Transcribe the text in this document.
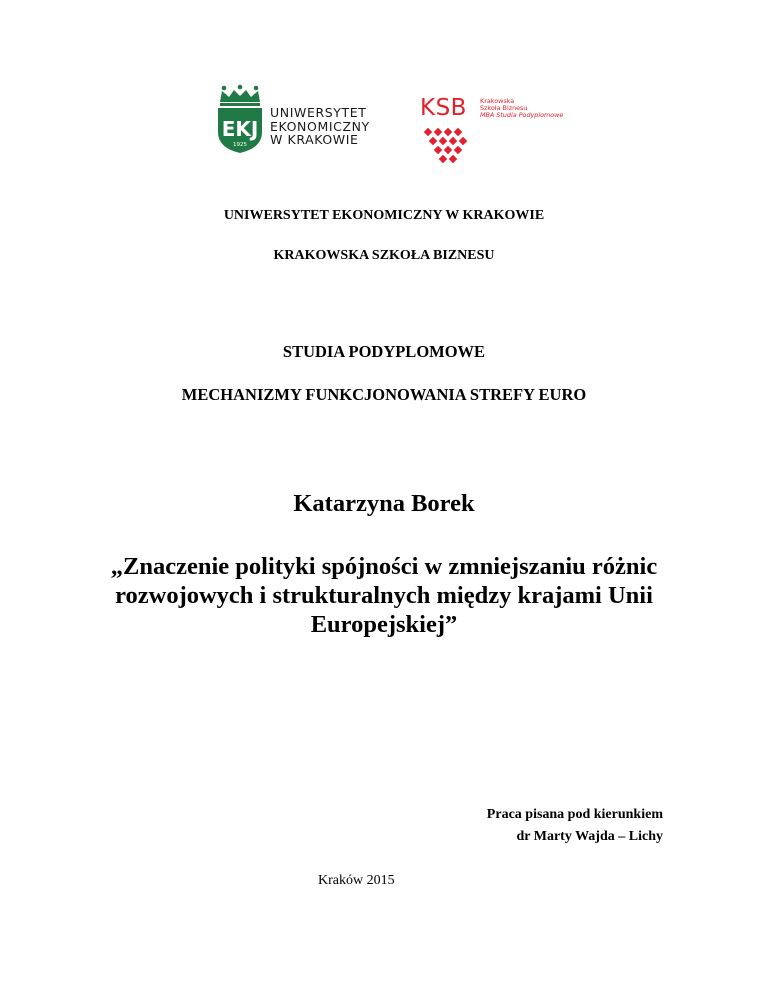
EKJ
1925
UNIWERSYTET
EKONOMICZNY
W KRAKOWIE
KSB Krakowska
Szkoła Biznesu
MBA Studia Podyplomowe
UNIWERSYTET EKONOMICZNY W KRAKOWIE
KRAKOWSKA SZKOŁA BIZNESU
STUDIA PODYPLOMOWE
MECHANIZMY FUNKCJONOWANIA STREFY EURO
Katarzyna Borek
„Znaczenie polityki spójności w zmniejszaniu różnic
rozwojowych i strukturalnych między krajami Unii
Europejskiej”
Praca pisana pod kierunkiem
dr Marty Wajda – Lichy
Kraków 2015
